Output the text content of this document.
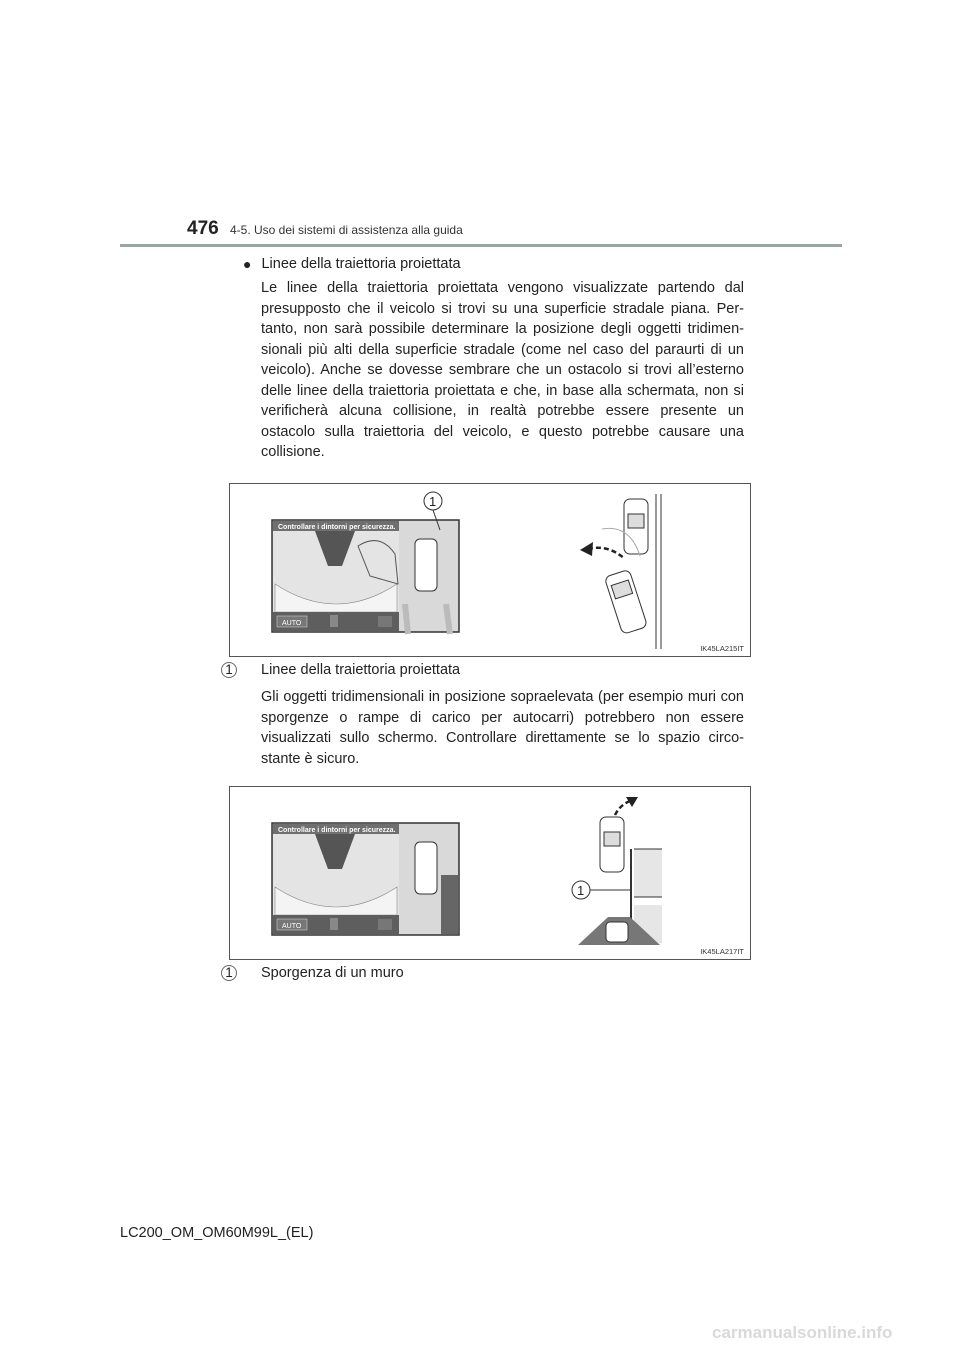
476 4-5. Uso dei sistemi di assistenza alla guida
● Linee della traiettoria proiettata
Le linee della traiettoria proiettata vengono visualizzate partendo dal presupposto che il veicolo si trovi su una superficie stradale piana. Per-tanto, non sarà possibile determinare la posizione degli oggetti tridimen-sionali più alti della superficie stradale (come nel caso del paraurti di un veicolo). Anche se dovesse sembrare che un ostacolo si trovi all’esterno delle linee della traiettoria proiettata e che, in base alla schermata, non si verificherà alcuna collisione, in realtà potrebbe essere presente un ostacolo sulla traiettoria del veicolo, e questo potrebbe causare una collisione.
Controllare i dintorni per sicurezza.
AUTO
1
IK45LA215IT
1 Linee della traiettoria proiettata
Gli oggetti tridimensionali in posizione sopraelevata (per esempio muri con sporgenze o rampe di carico per autocarri) potrebbero non essere visualizzati sullo schermo. Controllare direttamente se lo spazio circo-stante è sicuro.
Controllare i dintorni per sicurezza.
AUTO
1
IK45LA217IT
1 Sporgenza di un muro
LC200_OM_OM60M99L_(EL)
carmanualsonline.info
